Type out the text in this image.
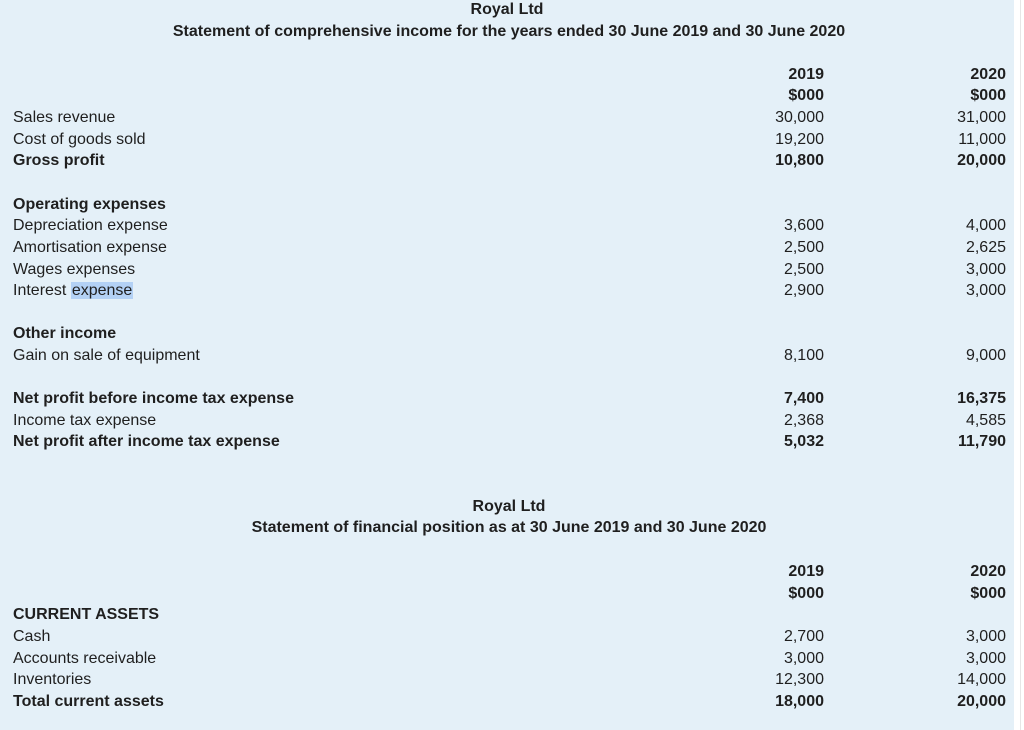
Royal Ltd
Statement of comprehensive income for the years ended 30 June 2019 and 30 June 2020
2019	2020
$000	$000
Sales revenue	30,000	31,000
Cost of goods sold	19,200	11,000
Gross profit	10,800	20,000
Operating expenses
Depreciation expense	3,600	4,000
Amortisation expense	2,500	2,625
Wages expenses	2,500	3,000
Interest expense	2,900	3,000
Other income
Gain on sale of equipment	8,100	9,000
Net profit before income tax expense	7,400	16,375
Income tax expense	2,368	4,585
Net profit after income tax expense	5,032	11,790
Royal Ltd
Statement of financial position as at 30 June 2019 and 30 June 2020
2019	2020
$000	$000
CURRENT ASSETS
Cash	2,700	3,000
Accounts receivable	3,000	3,000
Inventories	12,300	14,000
Total current assets	18,000	20,000
